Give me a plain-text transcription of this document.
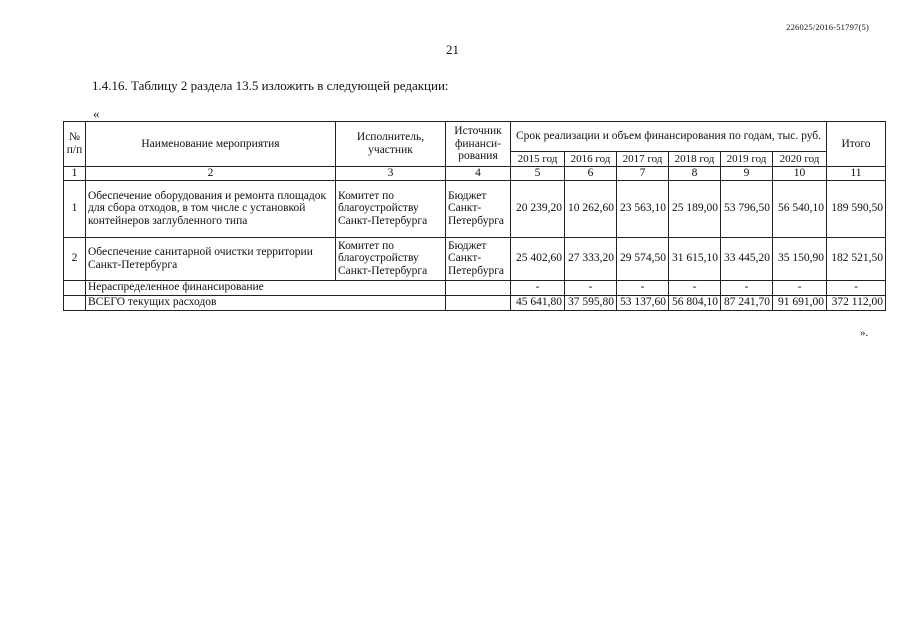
226025/2016-51797(5)
21
1.4.16. Таблицу 2 раздела 13.5 изложить в следующей редакции:
«
№ п/п	Наименование мероприятия	Исполнитель, участник	Источник финанси-рования	Срок реализации и объем финансирования по годам, тыс. руб.						Итого
				2015 год	2016 год	2017 год	2018 год	2019 год	2020 год	
1	2	3	4	5	6	7	8	9	10	11
1	Обеспечение оборудования и ремонта площадок для сбора отходов, в том числе с установкой контейнеров заглубленного типа	Комитет по благоустройству Санкт-Петербурга	Бюджет Санкт-Петербурга	20 239,20	10 262,60	23 563,10	25 189,00	53 796,50	56 540,10	189 590,50
2	Обеспечение санитарной очистки территории Санкт-Петербурга	Комитет по благоустройству Санкт-Петербурга	Бюджет Санкт-Петербурга	25 402,60	27 333,20	29 574,50	31 615,10	33 445,20	35 150,90	182 521,50
	Нераспределенное финансирование			-	-	-	-	-	-	-
	ВСЕГО текущих расходов			45 641,80	37 595,80	53 137,60	56 804,10	87 241,70	91 691,00	372 112,00
».
